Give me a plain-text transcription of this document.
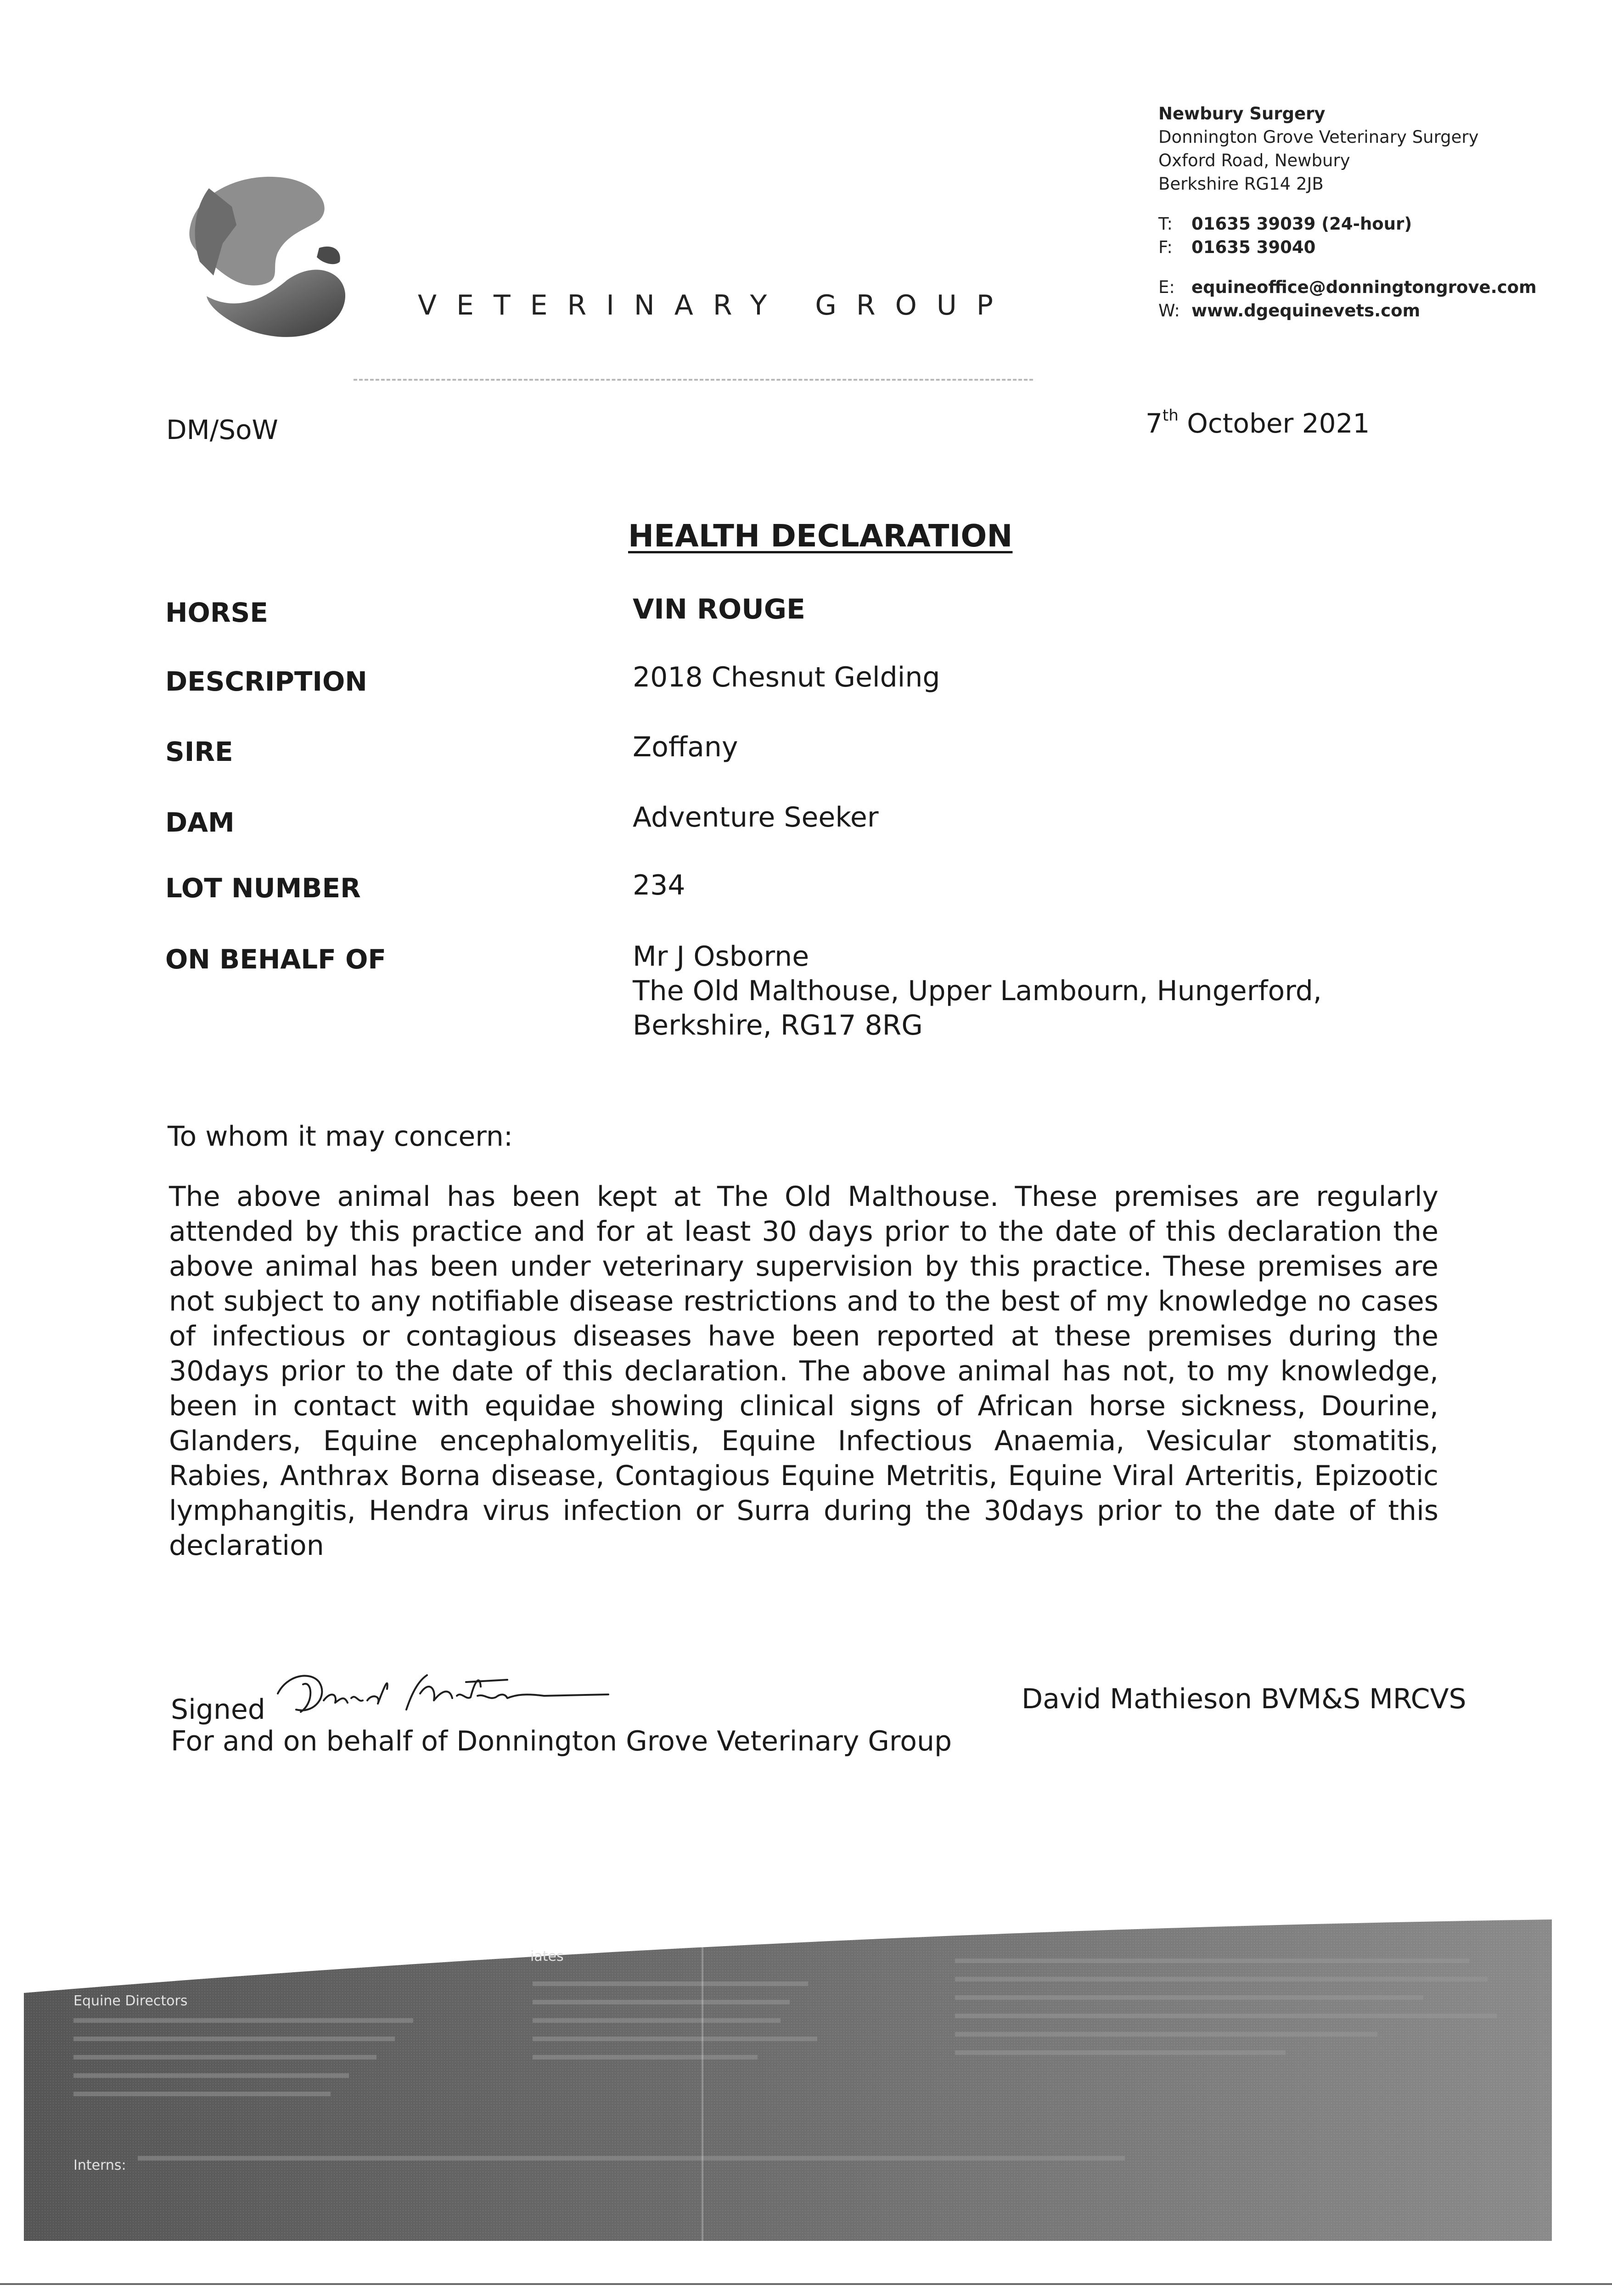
VETERINARY GROUP
Newbury Surgery
Donnington Grove Veterinary Surgery
Oxford Road, Newbury
Berkshire RG14 2JB
T: 01635 39039 (24-hour)
F: 01635 39040
E: equineoffice@donningtongrove.com
W: www.dgequinevets.com
DM/SoW	7th October 2021
HEALTH DECLARATION
HORSE	VIN ROUGE
DESCRIPTION	2018 Chesnut Gelding
SIRE	Zoffany
DAM	Adventure Seeker
LOT NUMBER	234
ON BEHALF OF	Mr J Osborne
The Old Malthouse, Upper Lambourn, Hungerford,
Berkshire, RG17 8RG
To whom it may concern:
The above animal has been kept at The Old Malthouse. These premises are regularly attended by this practice and for at least 30 days prior to the date of this declaration the above animal has been under veterinary supervision by this practice. These premises are not subject to any notifiable disease restrictions and to the best of my knowledge no cases of infectious or contagious diseases have been reported at these premises during the 30days prior to the date of this declaration. The above animal has not, to my knowledge, been in contact with equidae showing clinical signs of African horse sickness, Dourine, Glanders, Equine encephalomyelitis, Equine Infectious Anaemia, Vesicular stomatitis, Rabies, Anthrax Borna disease, Contagious Equine Metritis, Equine Viral Arteritis, Epizootic lymphangitis, Hendra virus infection or Surra during the 30days prior to the date of this declaration
Signed	David Mathieson BVM&S MRCVS
For and on behalf of Donnington Grove Veterinary Group
Equine Directors
iates
Interns:
